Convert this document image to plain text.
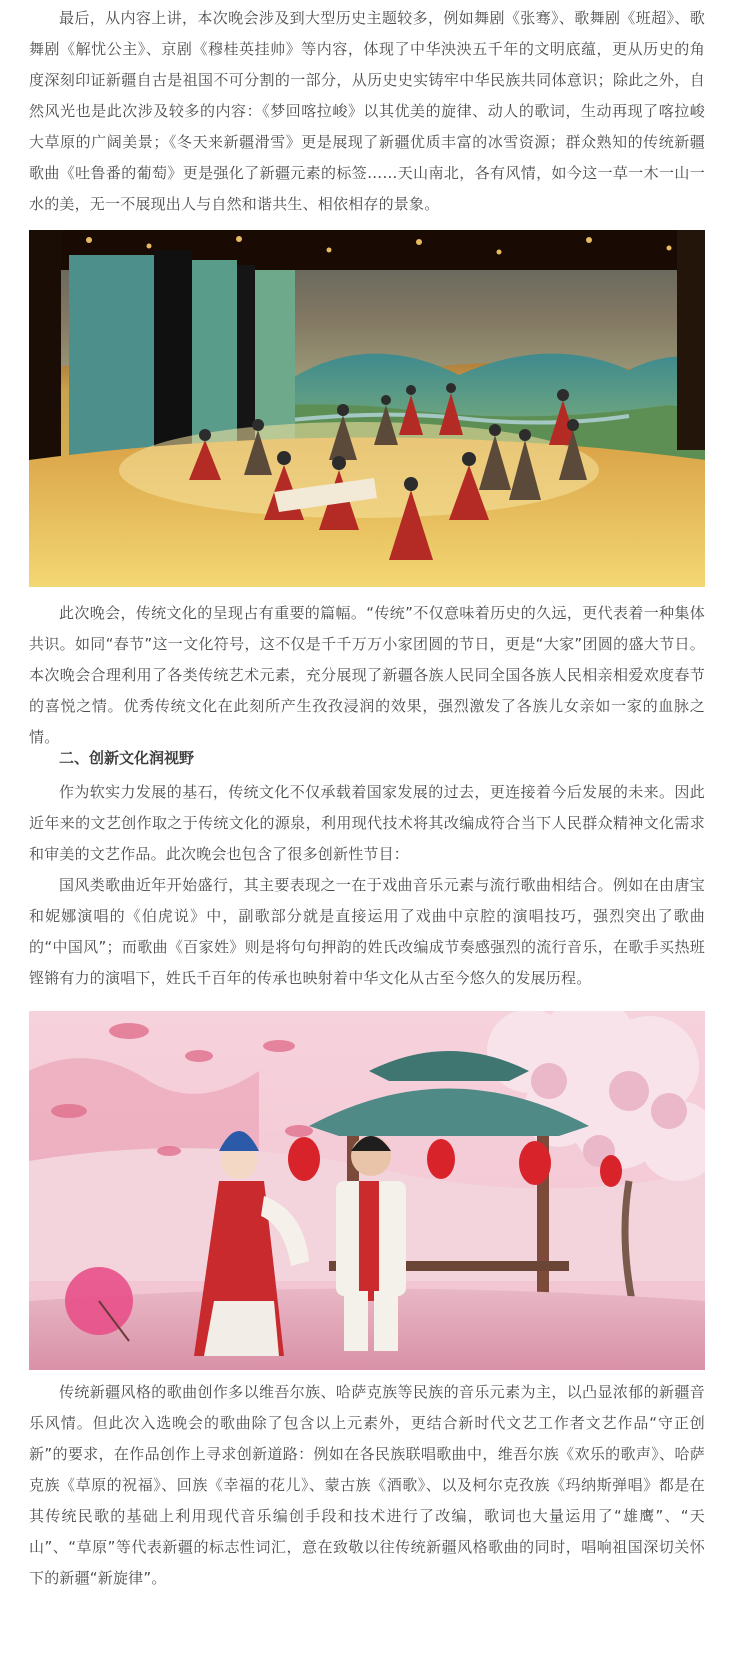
最后，从内容上讲，本次晚会涉及到大型历史主题较多，例如舞剧《张骞》、歌舞剧《班超》、歌舞剧《解忧公主》、京剧《穆桂英挂帅》等内容，体现了中华泱泱五千年的文明底蕴，更从历史的角度深刻印证新疆自古是祖国不可分割的一部分，从历史史实铸牢中华民族共同体意识；除此之外，自然风光也是此次涉及较多的内容：《梦回喀拉峻》以其优美的旋律、动人的歌词，生动再现了喀拉峻大草原的广阔美景；《冬天来新疆滑雪》更是展现了新疆优质丰富的冰雪资源；群众熟知的传统新疆歌曲《吐鲁番的葡萄》更是强化了新疆元素的标签……天山南北，各有风情，如今这一草一木一山一水的美，无一不展现出人与自然和谐共生、相依相存的景象。

此次晚会，传统文化的呈现占有重要的篇幅。“传统”不仅意味着历史的久远，更代表着一种集体共识。如同“春节”这一文化符号，这不仅是千千万万小家团圆的节日，更是“大家”团圆的盛大节日。本次晚会合理利用了各类传统艺术元素，充分展现了新疆各族人民同全国各族人民相亲相爱欢度春节的喜悦之情。优秀传统文化在此刻所产生孜孜浸润的效果，强烈激发了各族儿女亲如一家的血脉之情。

二、创新文化润视野

作为软实力发展的基石，传统文化不仅承载着国家发展的过去，更连接着今后发展的未来。因此近年来的文艺创作取之于传统文化的源泉，利用现代技术将其改编成符合当下人民群众精神文化需求和审美的文艺作品。此次晚会也包含了很多创新性节目：

国风类歌曲近年开始盛行，其主要表现之一在于戏曲音乐元素与流行歌曲相结合。例如在由唐宝和妮娜演唱的《伯虎说》中，副歌部分就是直接运用了戏曲中京腔的演唱技巧，强烈突出了歌曲的“中国风”；而歌曲《百家姓》则是将句句押韵的姓氏改编成节奏感强烈的流行音乐，在歌手买热班铿锵有力的演唱下，姓氏千百年的传承也映射着中华文化从古至今悠久的发展历程。

传统新疆风格的歌曲创作多以维吾尔族、哈萨克族等民族的音乐元素为主，以凸显浓郁的新疆音乐风情。但此次入选晚会的歌曲除了包含以上元素外，更结合新时代文艺工作者文艺作品“守正创新”的要求，在作品创作上寻求创新道路：例如在各民族联唱歌曲中，维吾尔族《欢乐的歌声》、哈萨克族《草原的祝福》、回族《幸福的花儿》、蒙古族《酒歌》、以及柯尔克孜族《玛纳斯弹唱》都是在其传统民歌的基础上利用现代音乐编创手段和技术进行了改编，歌词也大量运用了“雄鹰”、“天山”、“草原”等代表新疆的标志性词汇，意在致敬以往传统新疆风格歌曲的同时，唱响祖国深切关怀下的新疆“新旋律”。
